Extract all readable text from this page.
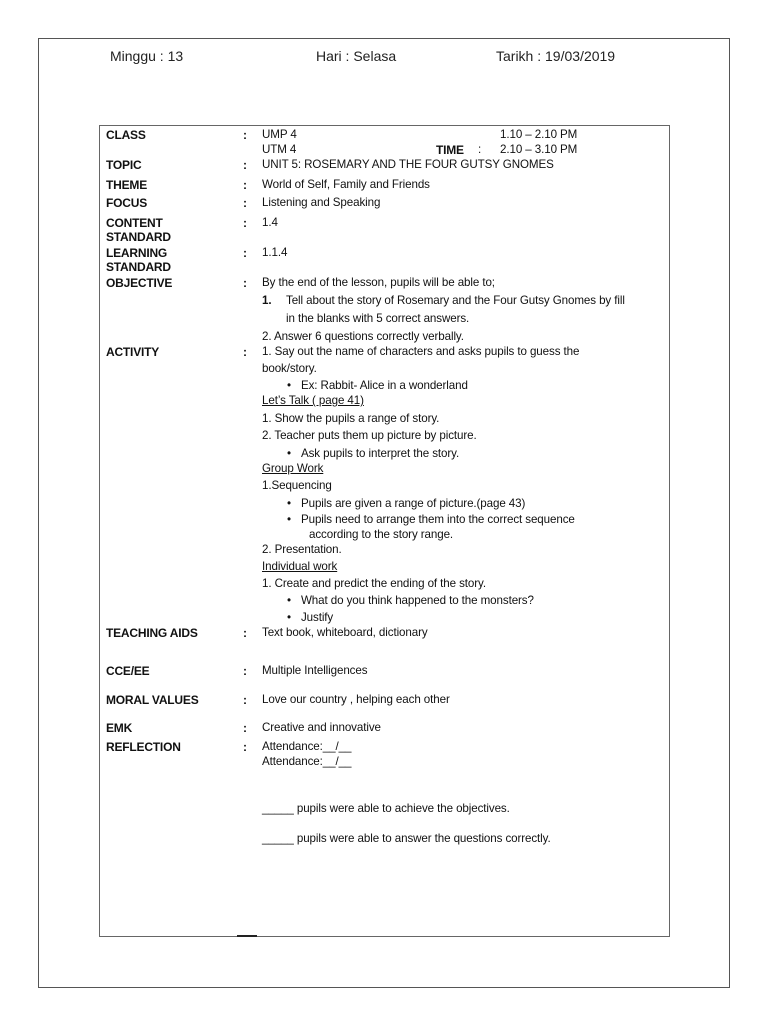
Minggu : 13	Hari : Selasa	Tarikh : 19/03/2019
CLASS	: UMP 4	1.10 – 2.10 PM
UTM 4	TIME : 2.10 – 3.10 PM
TOPIC	: UNIT 5: ROSEMARY AND THE FOUR GUTSY GNOMES
THEME	: World of Self, Family and Friends
FOCUS	: Listening and Speaking
CONTENT
STANDARD
: 1.4
LEARNING
STANDARD
: 1.1.4
OBJECTIVE	: By the end of the lesson, pupils will be able to;
1. Tell about the story of Rosemary and the Four Gutsy Gnomes by fill
in the blanks with 5 correct answers.
2. Answer 6 questions correctly verbally.
ACTIVITY	: 1. Say out the name of characters and asks pupils to guess the
book/story.
• Ex: Rabbit- Alice in a wonderland
Let’s Talk ( page 41)
1. Show the pupils a range of story.
2. Teacher puts them up picture by picture.
• Ask pupils to interpret the story.
Group Work
1.Sequencing
• Pupils are given a range of picture.(page 43)
• Pupils need to arrange them into the correct sequence
according to the story range.
2. Presentation.
Individual work
1. Create and predict the ending of the story.
• What do you think happened to the monsters?
• Justify
TEACHING AIDS	: Text book, whiteboard, dictionary
CCE/EE	: Multiple Intelligences
MORAL VALUES	: Love our country , helping each other
EMK	: Creative and innovative
REFLECTION	: Attendance:__/__
Attendance:__/__
_____ pupils were able to achieve the objectives.
_____ pupils were able to answer the questions correctly.
